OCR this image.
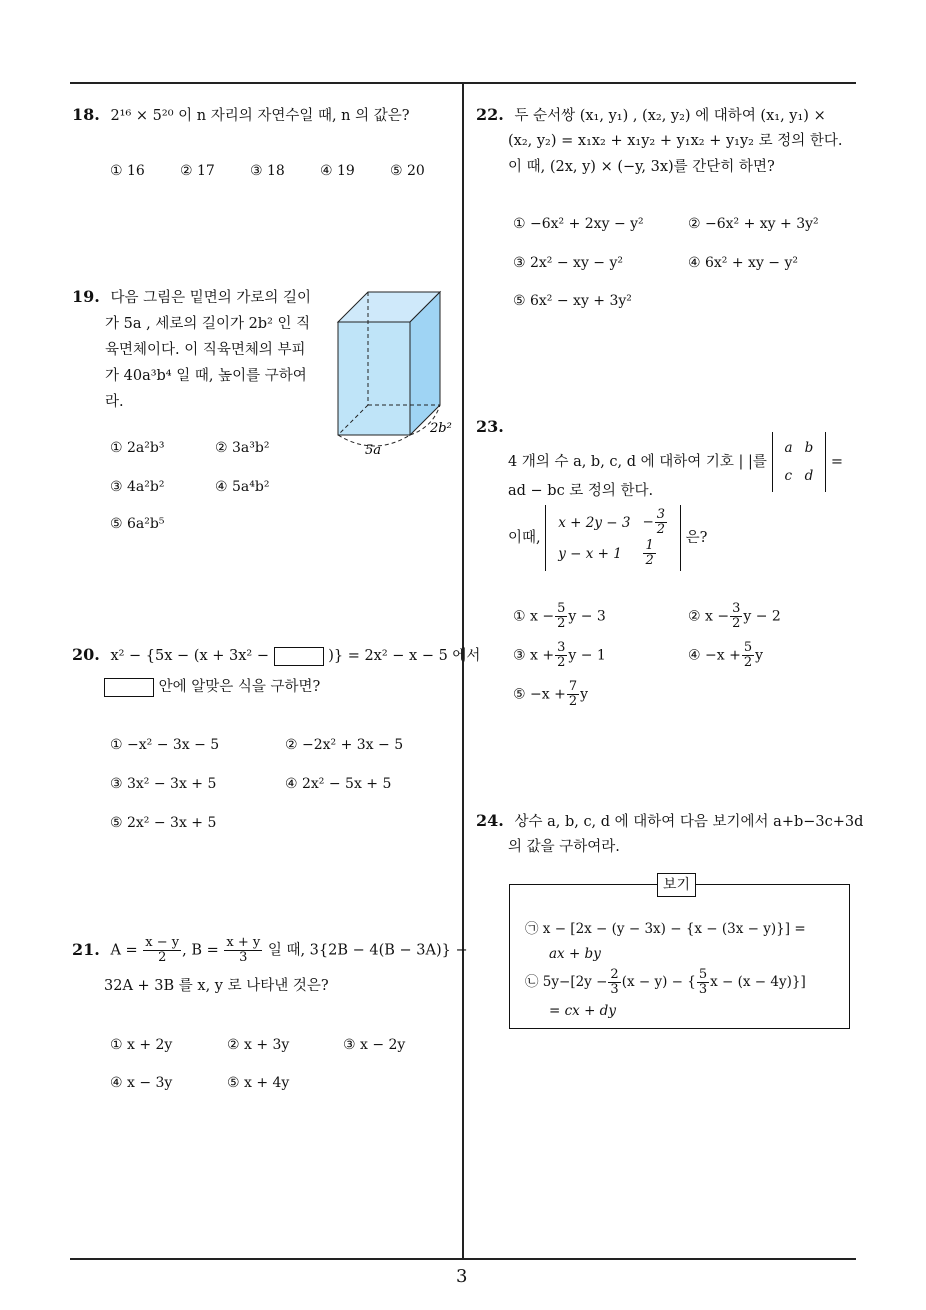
3
18. 2¹⁶ × 5²⁰ 이 n 자리의 자연수일 때, n 의 값은?
① 16	② 17	③ 18	④ 19	⑤ 20
19. 다음 그림은 밑면의 가로의 길이
가 5a , 세로의 길이가 2b² 인 직
육면체이다. 이 직육면체의 부피
가 40a³b⁴ 일 때, 높이를 구하여
라.
5a
2b²
① 2a²b³	② 3a³b²
③ 4a²b²	④ 5a⁴b²
⑤ 6a²b⁵
20. x² − {5x − (x + 3x² −	)} = 2x² − x − 5 에서
안에 알맞은 식을 구하면?
① −x² − 3x − 5	② −2x² + 3x − 5
③ 3x² − 3x + 5	④ 2x² − 5x + 5
⑤ 2x² − 3x + 5
21. $A = \frac{x - y}{2}$ , $B = \frac{x + y}{3}$ 일 때, 3{2B − 4(B − 3A)} −
32A + 3B 를 x, y 로 나타낸 것은?
① x + 2y	② x + 3y	③ x − 2y
④ x − 3y	⑤ x + 4y
22. 두 순서쌍 (x₁, y₁) , (x₂, y₂) 에 대하여 (x₁, y₁) ×
(x₂, y₂) = x₁x₂ + x₁y₂ + y₁x₂ + y₁y₂ 로 정의 한다.
이 때, (2x, y) × (−y, 3x)를 간단히 하면?
① −6x² + 2xy − y²	② −6x² + xy + 3y²
③ 2x² − xy − y²	④ 6x² + xy − y²
⑤ 6x² − xy + 3y²
23.
4 개의 수 a, b, c, d 에 대하여 기호 | |를
a	b
c	d
=
ad − bc 로 정의 한다.
이때,
x + 2y − 3	− $\frac{3}{2}$

y − x + 1	$\frac{1}{2}$
은?
① $x - \frac{5}{2}$ y − 3	② $x - \frac{3}{2}$ y − 2
③ $x + \frac{3}{2}$ y − 1	④ $-x + \frac{5}{2}$ y
⑤ $-x + \frac{7}{2}$ y
24. 상수 a, b, c, d 에 대하여 다음 보기에서 a+b−3c+3d
의 값을 구하여라.
보기
㉠ x − [2x − (y − 3x) − {x − (3x − y)}] =
ax + by
㉡ $5y-[2y - \frac{2}{3} (x - y)$ − { $\frac{5}{3}$ x − (x − 4y)}]
= cx + dy
